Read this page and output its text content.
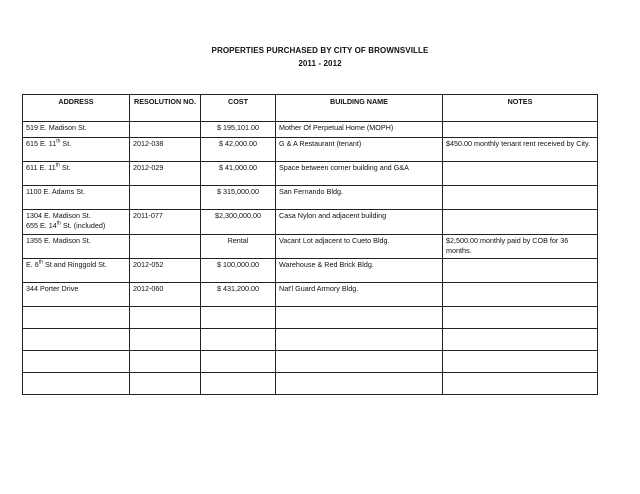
PROPERTIES PURCHASED BY CITY OF BROWNSVILLE
2011 - 2012
ADDRESS	RESOLUTION NO.	COST	BUILDING NAME	NOTES
519 E. Madison St.		$ 195,101.00	Mother Of Perpetual Home (MOPH)	
615 E. 11th St.	2012-038	$ 42,000.00	G & A Restaurant (tenant)	$450.00 monthly tenant rent received by City.
611 E. 11th St.	2012-029	$ 41,000.00	Space between corner building and G&A	
1100 E. Adams St.		$ 315,000.00	San Fernando Bldg.	

1304 E. Madison St.
655 E. 14th St. (included)	2011-077	$2,300,000.00	Casa Nylon and adjacent building	
1355 E. Madison St.		Rental	Vacant Lot adjacent to Cueto Bldg.	$2,500.00 monthly paid by COB for 36 months.
E. 6th St and Ringgold St.	2012-052	$ 100,000.00	Warehouse & Red Brick Bldg.	
344 Porter Drive	2012-060	$ 431,200.00	Nat'l Guard Armory Bldg.	
